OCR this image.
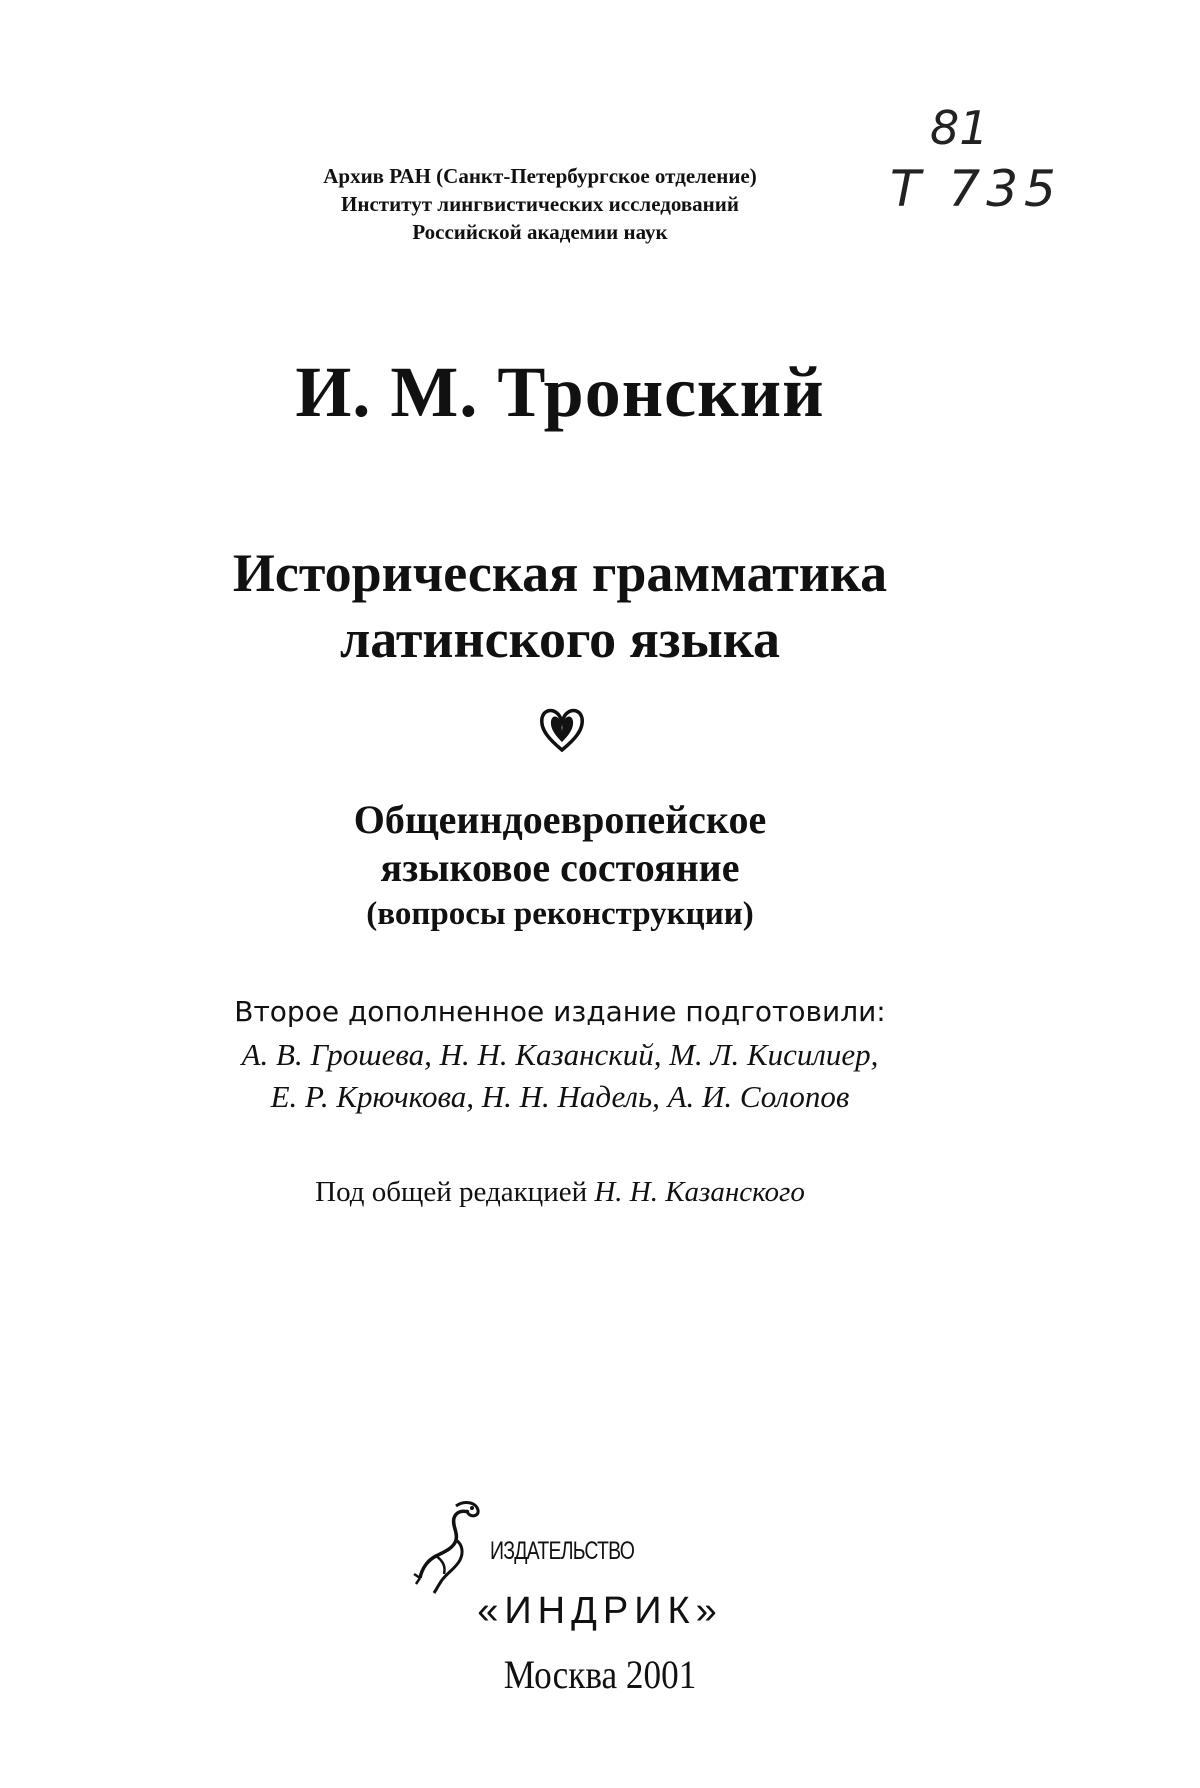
Архив РАН (Санкт-Петербургское отделение)
Институт лингвистических исследований
Российской академии наук
81
Т 735
И. М. Тронский
Историческая грамматика
латинского языка
Общеиндоевропейское
языковое состояние
(вопросы реконструкции)
Второе дополненное издание подготовили:
А. В. Грошева, Н. Н. Казанский, М. Л. Кисилиер,
Е. Р. Крючкова, Н. Н. Надель, А. И. Солопов
Под общей редакцией Н. Н. Казанского
ИЗДАТЕЛЬСТВО
«ИНДРИК»
Москва 2001
